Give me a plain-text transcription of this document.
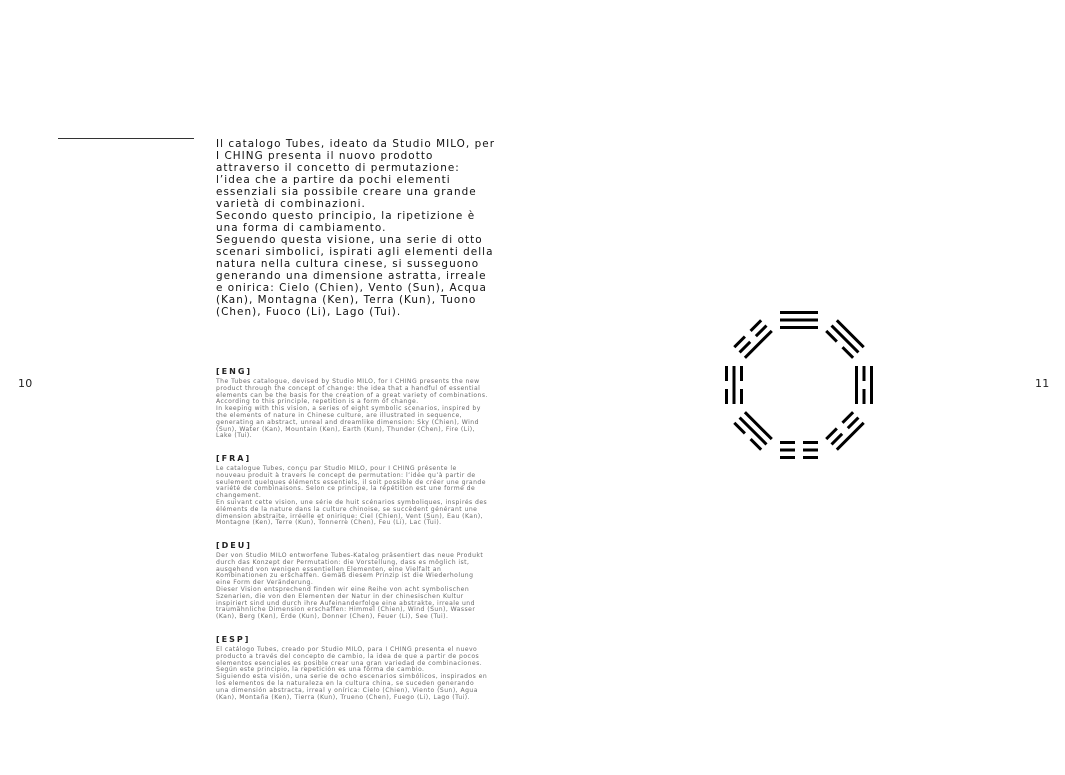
10	11

Il catalogo Tubes, ideato da Studio MILO, per I CHING presenta il nuovo prodotto attraverso il concetto di permutazione: l’idea che a partire da pochi elementi essenziali sia possibile creare una grande varietà di combinazioni.

Secondo questo principio, la ripetizione è una forma di cambiamento.

Seguendo questa visione, una serie di otto scenari simbolici, ispirati agli elementi della natura nella cultura cinese, si susseguono generando una dimensione astratta, irreale e onirica: Cielo (Chien), Vento (Sun), Acqua (Kan), Montagna (Ken), Terra (Kun), Tuono (Chen), Fuoco (Li), Lago (Tui).

[ENG]

The Tubes catalogue, devised by Studio MILO, for I CHING presents the new product through the concept of change: the idea that a handful of essential elements can be the basis for the creation of a great variety of combinations. According to this principle, repetition is a form of change.
In keeping with this vision, a series of eight symbolic scenarios, inspired by the elements of nature in Chinese culture, are illustrated in sequence, generating an abstract, unreal and dreamlike dimension: Sky (Chien), Wind (Sun), Water (Kan), Mountain (Ken), Earth (Kun), Thunder (Chen), Fire (Li), Lake (Tui).

[FRA]

Le catalogue Tubes, conçu par Studio MILO, pour I CHING présente le nouveau produit à travers le concept de permutation: l’idée qu’à partir de seulement quelques éléments essentiels, il soit possible de créer une grande variété de combinaisons. Selon ce principe, la répétition est une forme de changement.
En suivant cette vision, une série de huit scénarios symboliques, inspirés des éléments de la nature dans la culture chinoise, se succèdent générant une dimension abstraite, irréelle et onirique: Ciel (Chien), Vent (Sun), Eau (Kan), Montagne (Ken), Terre (Kun), Tonnerre (Chen), Feu (Li), Lac (Tui).

[DEU]

Der von Studio MILO entworfene Tubes-Katalog präsentiert das neue Produkt durch das Konzept der Permutation: die Vorstellung, dass es möglich ist, ausgehend von wenigen essentiellen Elementen, eine Vielfalt an Kombinationen zu erschaffen. Gemäß diesem Prinzip ist die Wiederholung eine Form der Veränderung.
Dieser Vision entsprechend finden wir eine Reihe von acht symbolischen Szenarien, die von den Elementen der Natur in der chinesischen Kultur inspiriert sind und durch ihre Aufeinanderfolge eine abstrakte, irreale und traumähnliche Dimension erschaffen: Himmel (Chien), Wind (Sun), Wasser (Kan), Berg (Ken), Erde (Kun), Donner (Chen), Feuer (Li), See (Tui).

[ESP]

El catálogo Tubes, creado por Studio MILO, para I CHING presenta el nuevo producto a través del concepto de cambio, la idea de que a partir de pocos elementos esenciales es posible crear una gran variedad de combinaciones. Según este principio, la repetición es una forma de cambio.
Siguiendo esta visión, una serie de ocho escenarios simbólicos, inspirados en los elementos de la naturaleza en la cultura china, se suceden generando una dimensión abstracta, irreal y onírica: Cielo (Chien), Viento (Sun), Agua (Kan), Montaña (Ken), Tierra (Kun), Trueno (Chen), Fuego (Li), Lago (Tui).
